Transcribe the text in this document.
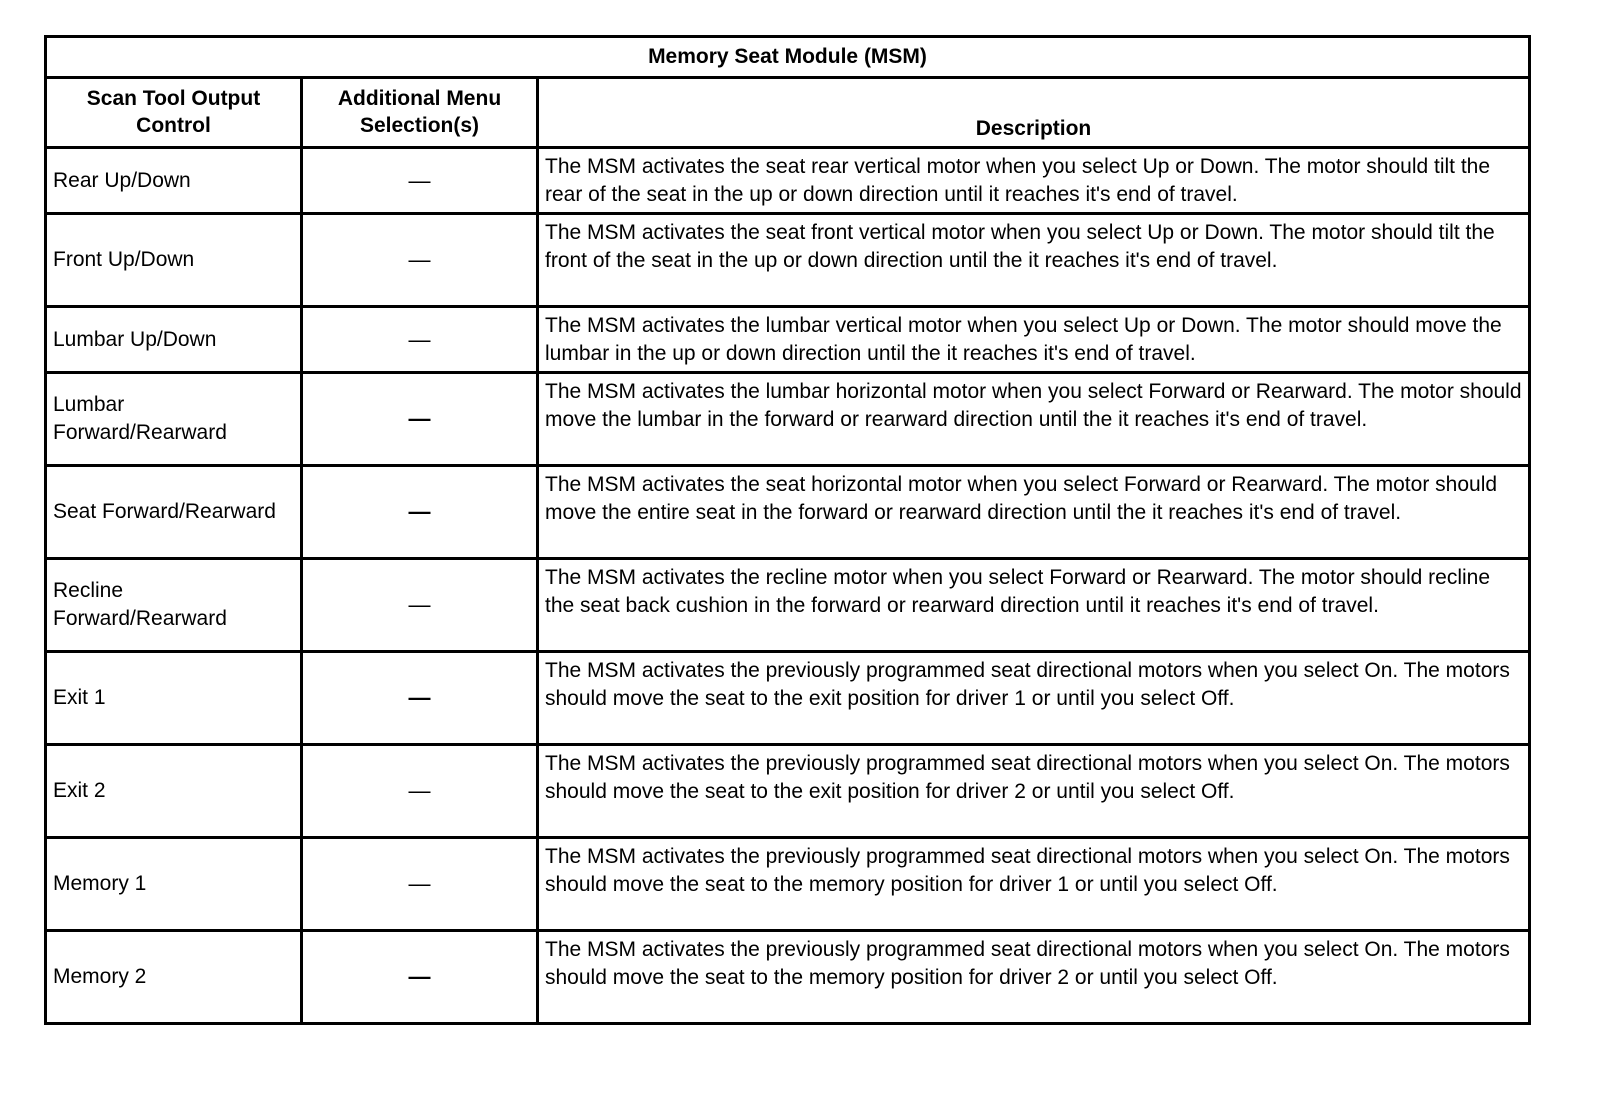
Memory Seat Module (MSM)		
Scan Tool Output Control	Additional Menu Selection(s)	Description
Rear Up/Down	—	The MSM activates the seat rear vertical motor when you select Up or Down. The motor should tilt the rear of the seat in the up or down direction until it reaches it's end of travel.
Front Up/Down	—	The MSM activates the seat front vertical motor when you select Up or Down. The motor should tilt the front of the seat in the up or down direction until the it reaches it's end of travel.
Lumbar Up/Down	—	The MSM activates the lumbar vertical motor when you select Up or Down. The motor should move the lumbar in the up or down direction until the it reaches it's end of travel.
Lumbar Forward/Rearward	—	The MSM activates the lumbar horizontal motor when you select Forward or Rearward. The motor should move the lumbar in the forward or rearward direction until the it reaches it's end of travel.
Seat Forward/Rearward	—	The MSM activates the seat horizontal motor when you select Forward or Rearward. The motor should move the entire seat in the forward or rearward direction until the it reaches it's end of travel.
Recline Forward/Rearward	—	The MSM activates the recline motor when you select Forward or Rearward. The motor should recline the seat back cushion in the forward or rearward direction until it reaches it's end of travel.
Exit 1	—	The MSM activates the previously programmed seat directional motors when you select On. The motors should move the seat to the exit position for driver 1 or until you select Off.
Exit 2	—	The MSM activates the previously programmed seat directional motors when you select On. The motors should move the seat to the exit position for driver 2 or until you select Off.
Memory 1	—	The MSM activates the previously programmed seat directional motors when you select On. The motors should move the seat to the memory position for driver 1 or until you select Off.
Memory 2	—	The MSM activates the previously programmed seat directional motors when you select On. The motors should move the seat to the memory position for driver 2 or until you select Off.
